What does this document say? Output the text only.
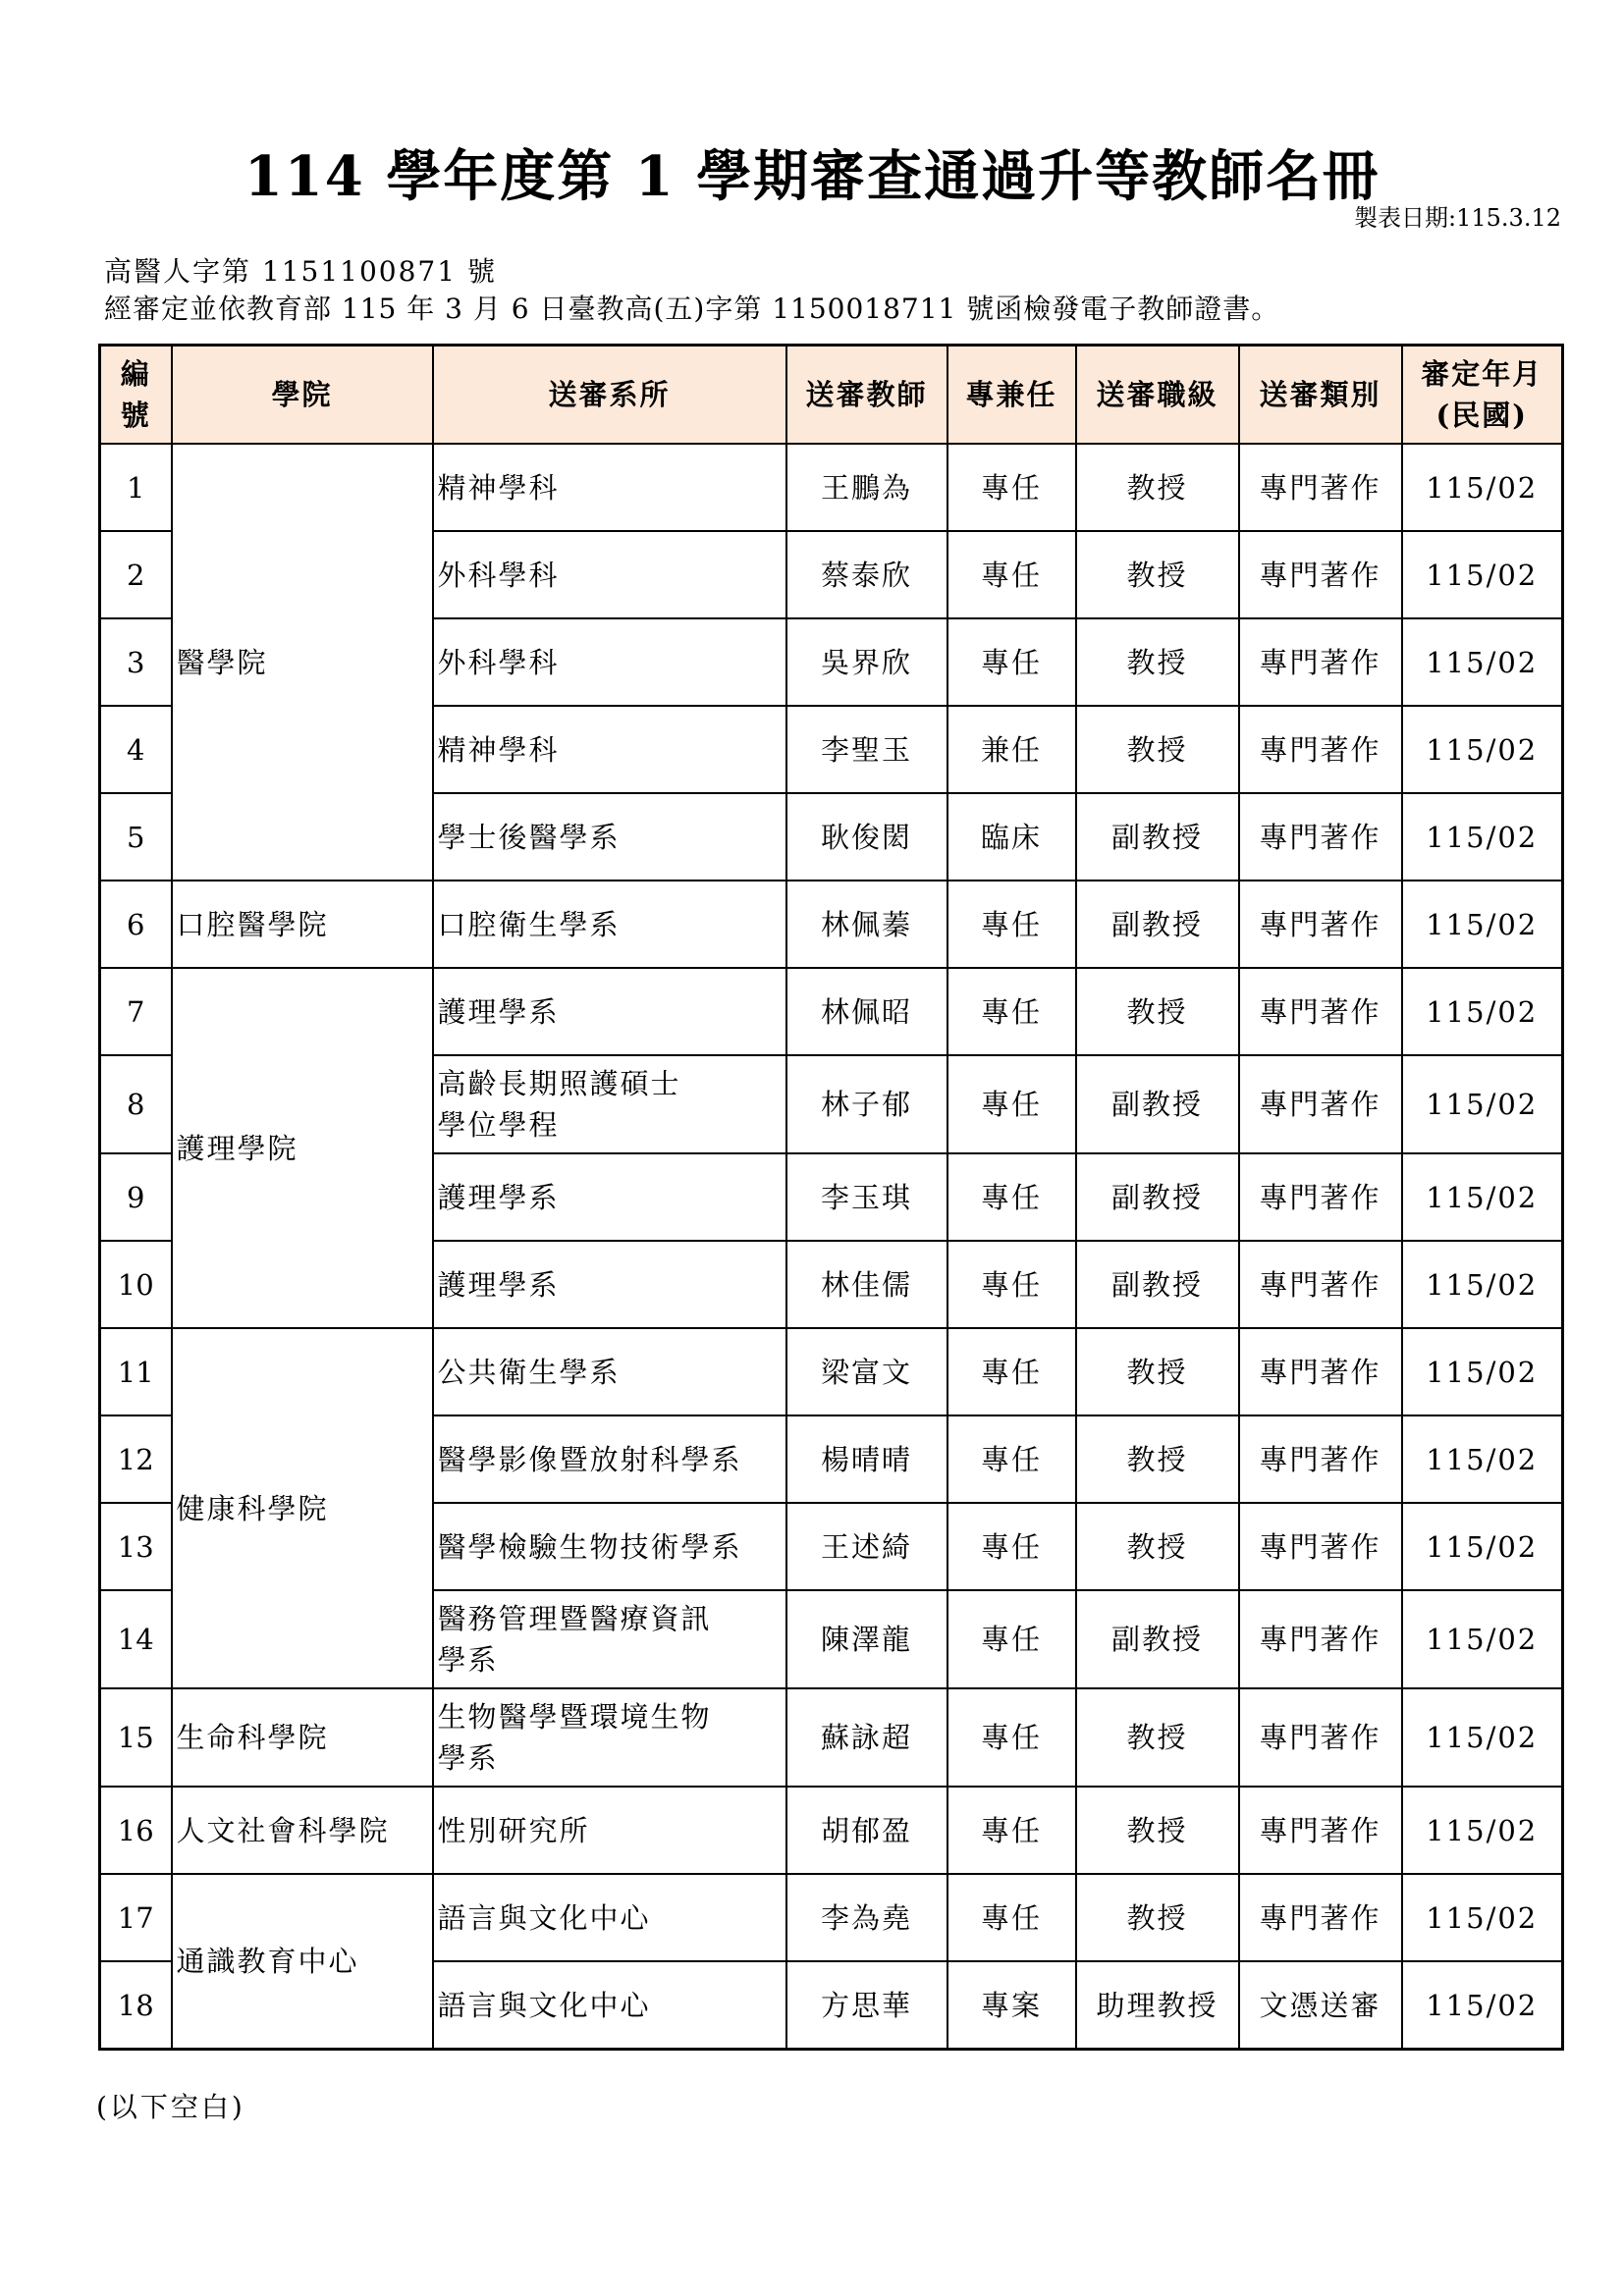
114 學年度第 1 學期審查通過升等教師名冊
製表日期:115.3.12
高醫人字第 1151100871 號
經審定並依教育部 115 年 3 月 6 日臺教高(五)字第 1150018711 號函檢發電子教師證書。
編
號	學院	送審系所	送審教師	專兼任	送審職級	送審類別	審定年月
(民國)
1	醫學院	精神學科	王鵬為	專任	教授	專門著作	115/02
2		外科學科	蔡泰欣	專任	教授	專門著作	115/02
3		外科學科	吳界欣	專任	教授	專門著作	115/02
4		精神學科	李聖玉	兼任	教授	專門著作	115/02
5		學士後醫學系	耿俊閎	臨床	副教授	專門著作	115/02
6	口腔醫學院	口腔衛生學系	林佩蓁	專任	副教授	專門著作	115/02
7	護理學院	護理學系	林佩昭	專任	教授	專門著作	115/02
8		高齡長期照護碩士
學位學程	林子郁	專任	副教授	專門著作	115/02
9		護理學系	李玉琪	專任	副教授	專門著作	115/02
10		護理學系	林佳儒	專任	副教授	專門著作	115/02
11	健康科學院	公共衛生學系	梁富文	專任	教授	專門著作	115/02
12		醫學影像暨放射科學系	楊晴晴	專任	教授	專門著作	115/02
13		醫學檢驗生物技術學系	王述綺	專任	教授	專門著作	115/02
14		醫務管理暨醫療資訊
學系	陳澤龍	專任	副教授	專門著作	115/02
15	生命科學院	生物醫學暨環境生物
學系	蘇詠超	專任	教授	專門著作	115/02
16	人文社會科學院	性別研究所	胡郁盈	專任	教授	專門著作	115/02
17	通識教育中心	語言與文化中心	李為堯	專任	教授	專門著作	115/02
18		語言與文化中心	方思華	專案	助理教授	文憑送審	115/02
(以下空白)
